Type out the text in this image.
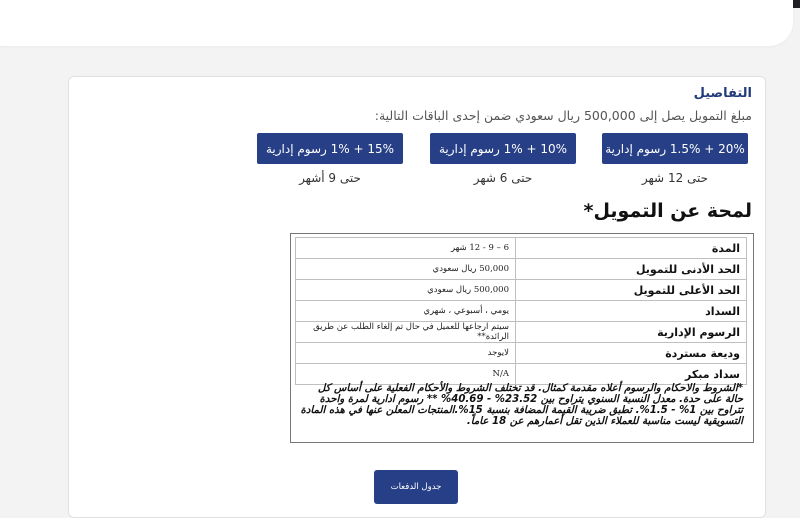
التفاصيل
مبلغ التمويل يصل إلى 500,000 ريال سعودي ضمن إحدى الباقات التالية:
20% + 1.5% رسوم إدارية
10% + 1% رسوم إدارية
15% + 1% رسوم إدارية
حتى 12 شهر
حتى 6 شهر
حتى 9 أشهر
لمحة عن التمويل*
المدة	6 – 9 - 12 شهر
الحد الأدنى للتمويل	50,000 ريال سعودي
الحد الأعلى للتمويل	500,000 ريال سعودي
السداد	يومي ، أسبوعي ، شهري
الرسوم الإدارية	سيتم ارجاعها للعميل في حال تم إلغاء الطلب عن طريق الرائدة**
وديعة مستردة	لايوجد
سداد مبكر	N/A
*الشروط والاحكام والرسوم أعلاه مقدمة كمثال. قد تختلف الشروط والأحكام الفعلية على أساس كل حالة على حدة. معدل النسبة السنوي يتراوح بين 23.52% - 40.69% ** رسوم ادارية لمرة واحدة تتراوح بين 1% - 1.5%. تطبق ضريبة القيمة المضافة بنسبة 15%.المنتجات المعلن عنها في هذه المادة التسويقية ليست مناسبة للعملاء الذين تقل أعمارهم عن 18 عاماً.
جدول الدفعات
